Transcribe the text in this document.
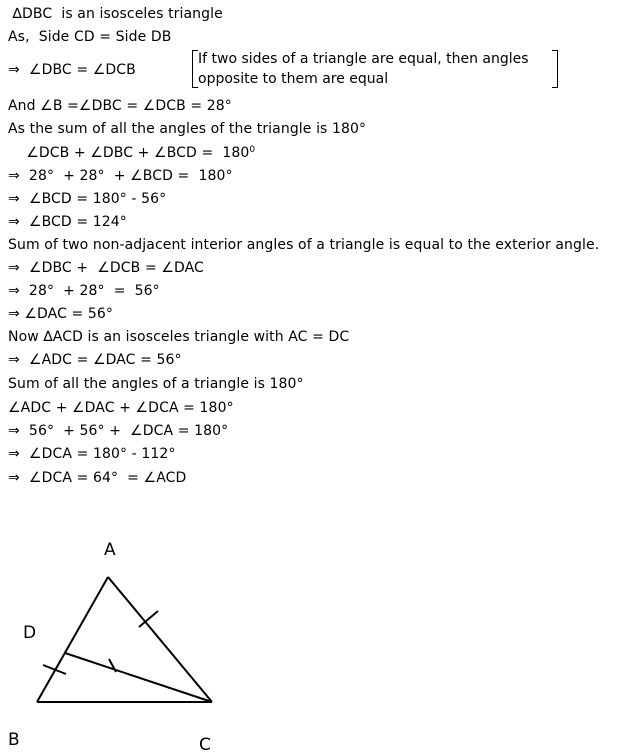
∆DBC  is an isosceles triangle
As,  Side CD = Side DB
⇒  ∠DBC = ∠DCB
And ∠B =∠DBC = ∠DCB = 28°
As the sum of all the angles of the triangle is 180°
∠DCB + ∠DBC + ∠BCD =  $180^0$
⇒  28°  + 28°  + ∠BCD =  180°
⇒  ∠BCD = 180° - 56°
⇒  ∠BCD = 124°
Sum of two non-adjacent interior angles of a triangle is equal to the exterior angle.
⇒  ∠DBC +  ∠DCB = ∠DAC
⇒  28°  + 28°  =  56°
⇒ ∠DAC = 56°
Now ∆ACD is an isosceles triangle with AC = DC
⇒  ∠ADC = ∠DAC = 56°
Sum of all the angles of a triangle is 180°
∠ADC + ∠DAC + ∠DCA = 180°
⇒  56°  + 56° +  ∠DCA = 180°
⇒  ∠DCA = 180° - 112°
⇒  ∠DCA = 64°  = ∠ACD
If two sides of a triangle are equal, then angles
opposite to them are equal
A
D
B	C
